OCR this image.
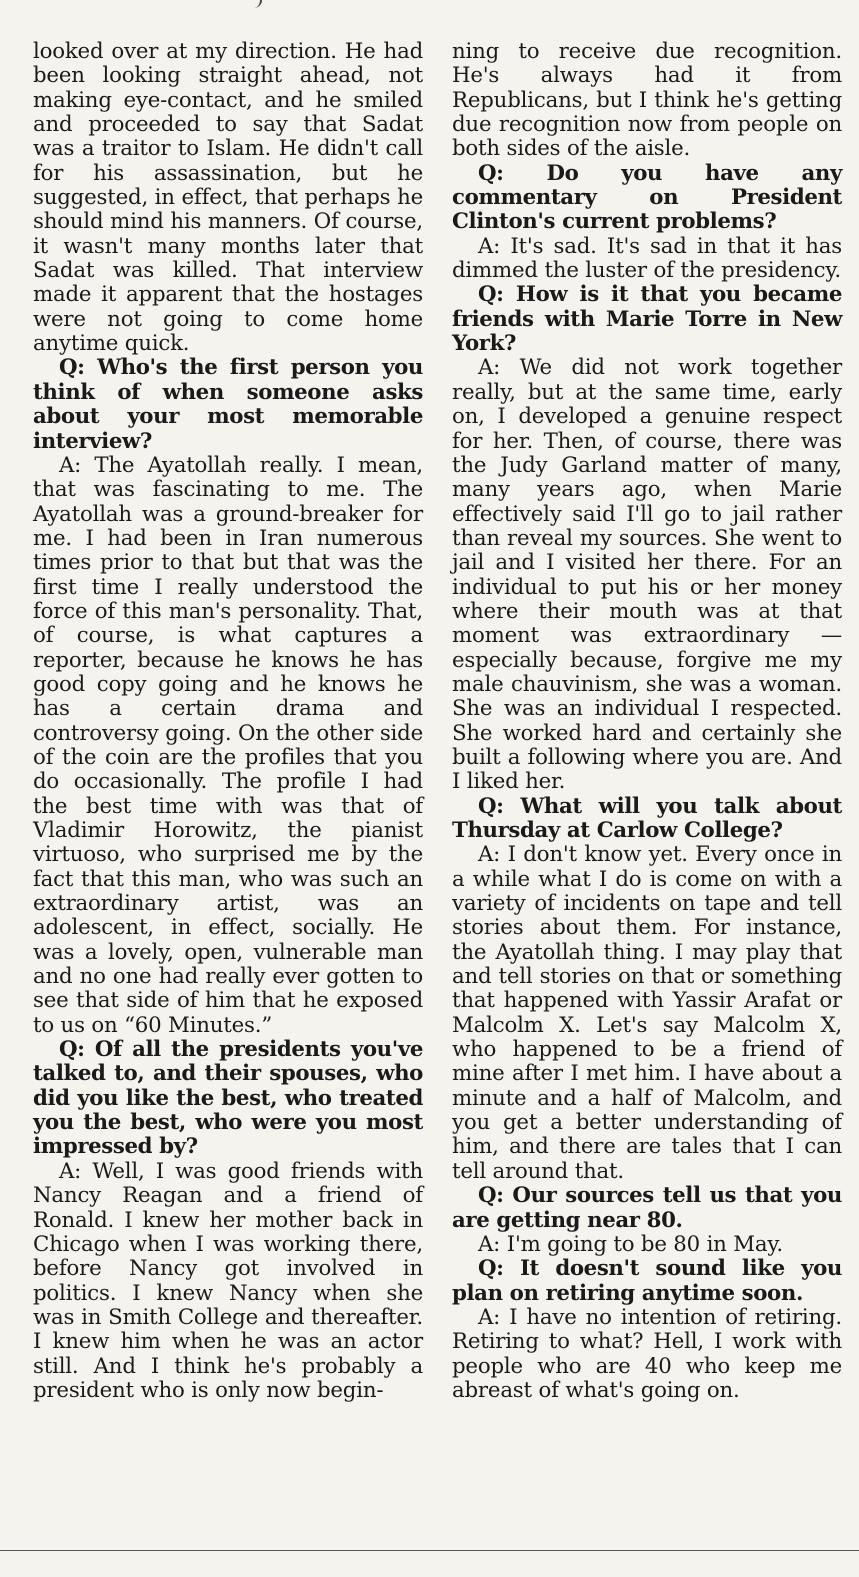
looked over at my direction. He had been looking straight ahead, not making eye-contact, and he smiled and proceeded to say that Sadat was a traitor to Islam. He didn't call for his assassination, but he suggested, in effect, that perhaps he should mind his manners. Of course, it wasn't many months later that Sadat was killed. That interview made it apparent that the hostages were not going to come home anytime quick.

Q: Who's the first person you think of when someone asks about your most memorable interview?

A: The Ayatollah really. I mean, that was fascinating to me. The Ayatollah was a ground-breaker for me. I had been in Iran numerous times prior to that but that was the first time I really understood the force of this man's personality. That, of course, is what captures a reporter, because he knows he has good copy going and he knows he has a certain drama and controversy going. On the other side of the coin are the profiles that you do occasionally. The profile I had the best time with was that of Vladimir Horowitz, the pianist virtuoso, who surprised me by the fact that this man, who was such an extraordinary artist, was an adolescent, in effect, socially. He was a lovely, open, vulnerable man and no one had really ever gotten to see that side of him that he exposed to us on “60 Minutes.”

Q: Of all the presidents you've talked to, and their spouses, who did you like the best, who treated you the best, who were you most impressed by?

A: Well, I was good friends with Nancy Reagan and a friend of Ronald. I knew her mother back in Chicago when I was working there, before Nancy got involved in politics. I knew Nancy when she was in Smith College and thereafter. I knew him when he was an actor still. And I think he's probably a president who is only now begin-

ning to receive due recognition. He's always had it from Republicans, but I think he's getting due recognition now from people on both sides of the aisle.

Q: Do you have any commentary on President Clinton's current problems?

A: It's sad. It's sad in that it has dimmed the luster of the presidency.

Q: How is it that you became friends with Marie Torre in New York?

A: We did not work together really, but at the same time, early on, I developed a genuine respect for her. Then, of course, there was the Judy Garland matter of many, many years ago, when Marie effectively said I'll go to jail rather than reveal my sources. She went to jail and I visited her there. For an individual to put his or her money where their mouth was at that moment was extraordinary — especially because, forgive me my male chauvinism, she was a woman. She was an individual I respected. She worked hard and certainly she built a following where you are. And I liked her.

Q: What will you talk about Thursday at Carlow College?

A: I don't know yet. Every once in a while what I do is come on with a variety of incidents on tape and tell stories about them. For instance, the Ayatollah thing. I may play that and tell stories on that or something that happened with Yassir Arafat or Malcolm X. Let's say Malcolm X, who happened to be a friend of mine after I met him. I have about a minute and a half of Malcolm, and you get a better understanding of him, and there are tales that I can tell around that.

Q: Our sources tell us that you are getting near 80.

A: I'm going to be 80 in May.

Q: It doesn't sound like you plan on retiring anytime soon.

A: I have no intention of retiring. Retiring to what? Hell, I work with people who are 40 who keep me abreast of what's going on.
